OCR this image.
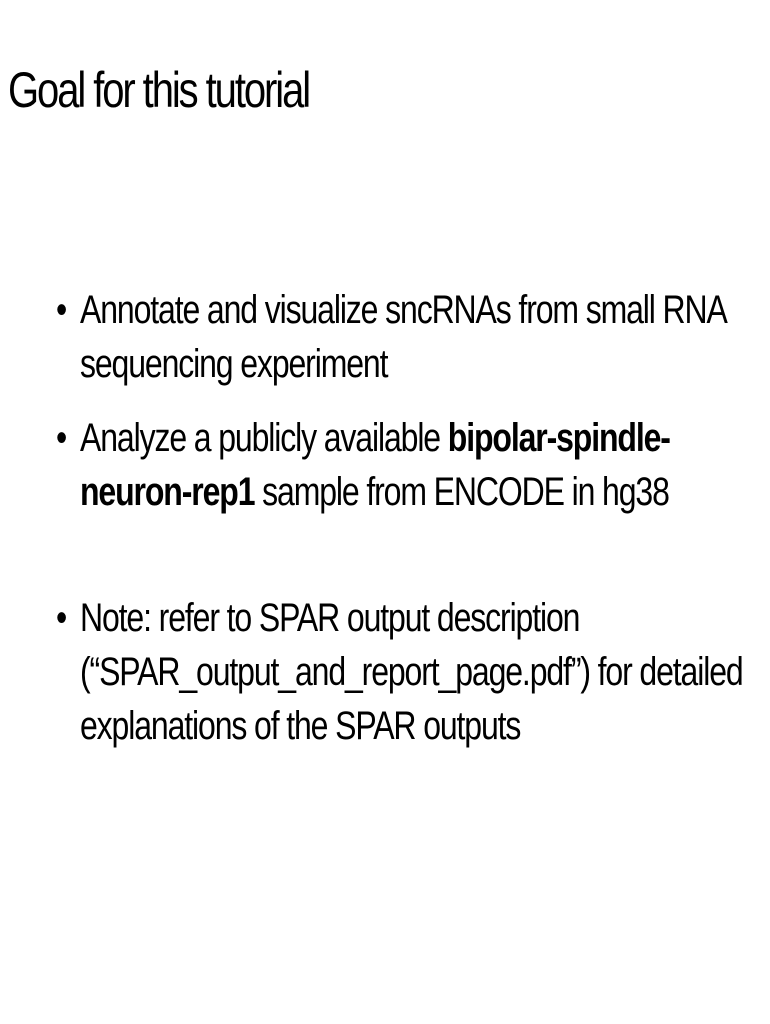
Goal for this tutorial
• Annotate and visualize sncRNAs from small RNA sequencing experiment
• Analyze a publicly available bipolar-spindle-neuron-rep1 sample from ENCODE in hg38
• Note: refer to SPAR output description (“SPAR_output_and_report_page.pdf”) for detailed explanations of the SPAR outputs
